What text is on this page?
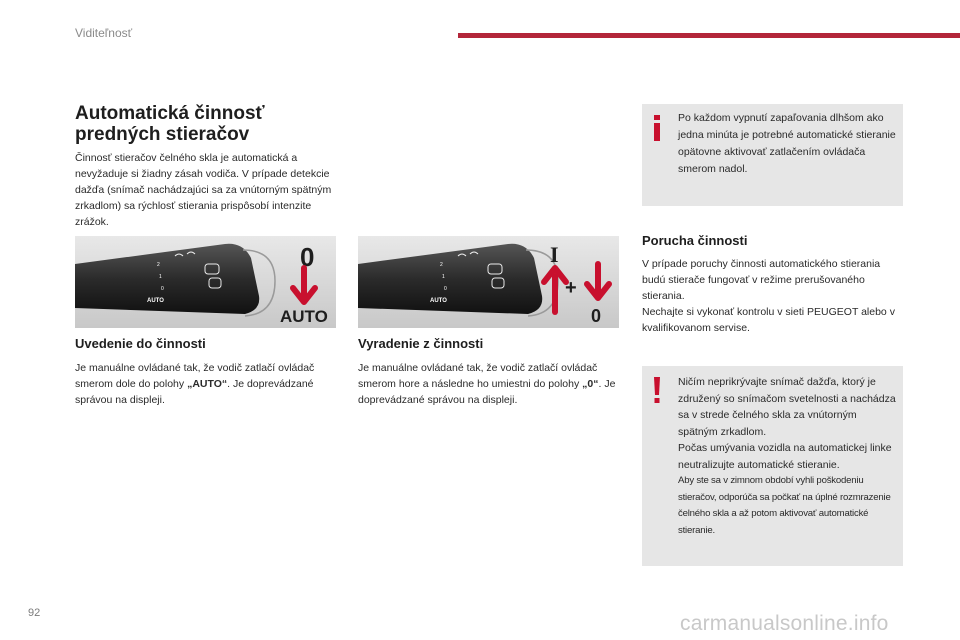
Viditeľnosť
Automatická činnosť
predných stieračov
Činnosť stieračov čelného skla je automatická a nevyžaduje si žiadny zásah vodiča. V prípade detekcie dažďa (snímač nachádzajúci sa za vnútorným spätným zrkadlom) sa rýchlosť stierania prispôsobí intenzite zrážok.
2
1
0
AUTO
0
AUTO
2
1
0
AUTO
I
+
0
Uvedenie do činnosti
Je manuálne ovládané tak, že vodič zatlačí ovládač smerom dole do polohy „AUTO“. Je doprevádzané správou na displeji.
Vyradenie z činnosti
Je manuálne ovládané tak, že vodič zatlačí ovládač smerom hore a následne ho umiestni do polohy „0“. Je doprevádzané správou na displeji.
Po každom vypnutí zapaľovania dlhšom ako jedna minúta je potrebné automatické stieranie opätovne aktivovať zatlačením ovládača smerom nadol.
Porucha činnosti
V prípade poruchy činnosti automatického stierania budú stierače fungovať v režime prerušovaného stierania.
Nechajte si vykonať kontrolu v sieti PEUGEOT alebo v kvalifikovanom servise.
Ničím neprikrývajte snímač dažďa, ktorý je združený so snímačom svetelnosti a nachádza sa v strede čelného skla za vnútorným spätným zrkadlom.
Počas umývania vozidla na automatickej linke neutralizujte automatické stieranie.
Aby ste sa v zimnom období vyhli poškodeniu stieračov, odporúča sa počkať na úplné rozmrazenie čelného skla a až potom aktivovať automatické stieranie.
92	carmanualsonline.info
